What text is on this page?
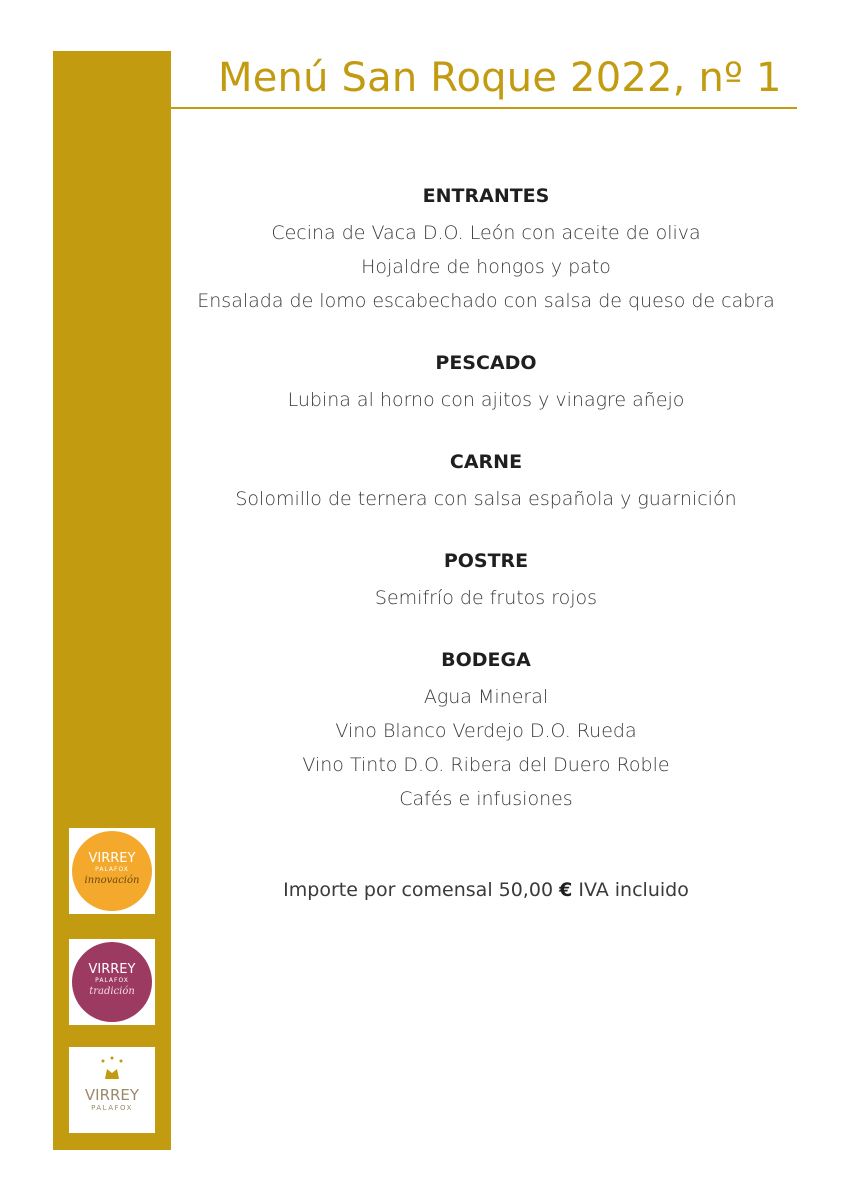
Menú San Roque 2022, nº 1
ENTRANTES
Cecina de Vaca D.O. León con aceite de oliva
Hojaldre de hongos y pato
Ensalada de lomo escabechado con salsa de queso de cabra
PESCADO
Lubina al horno con ajitos y vinagre añejo
CARNE
Solomillo de ternera con salsa española y guarnición
POSTRE
Semifrío de frutos rojos
BODEGA
Agua Mineral
Vino Blanco Verdejo D.O. Rueda
Vino Tinto D.O. Ribera del Duero Roble
Cafés e infusiones
Importe por comensal 50,00 € IVA incluido
VIRREY
PALAFOX
innovación
VIRREY
PALAFOX
tradición
VIRREY
PALAFOX
